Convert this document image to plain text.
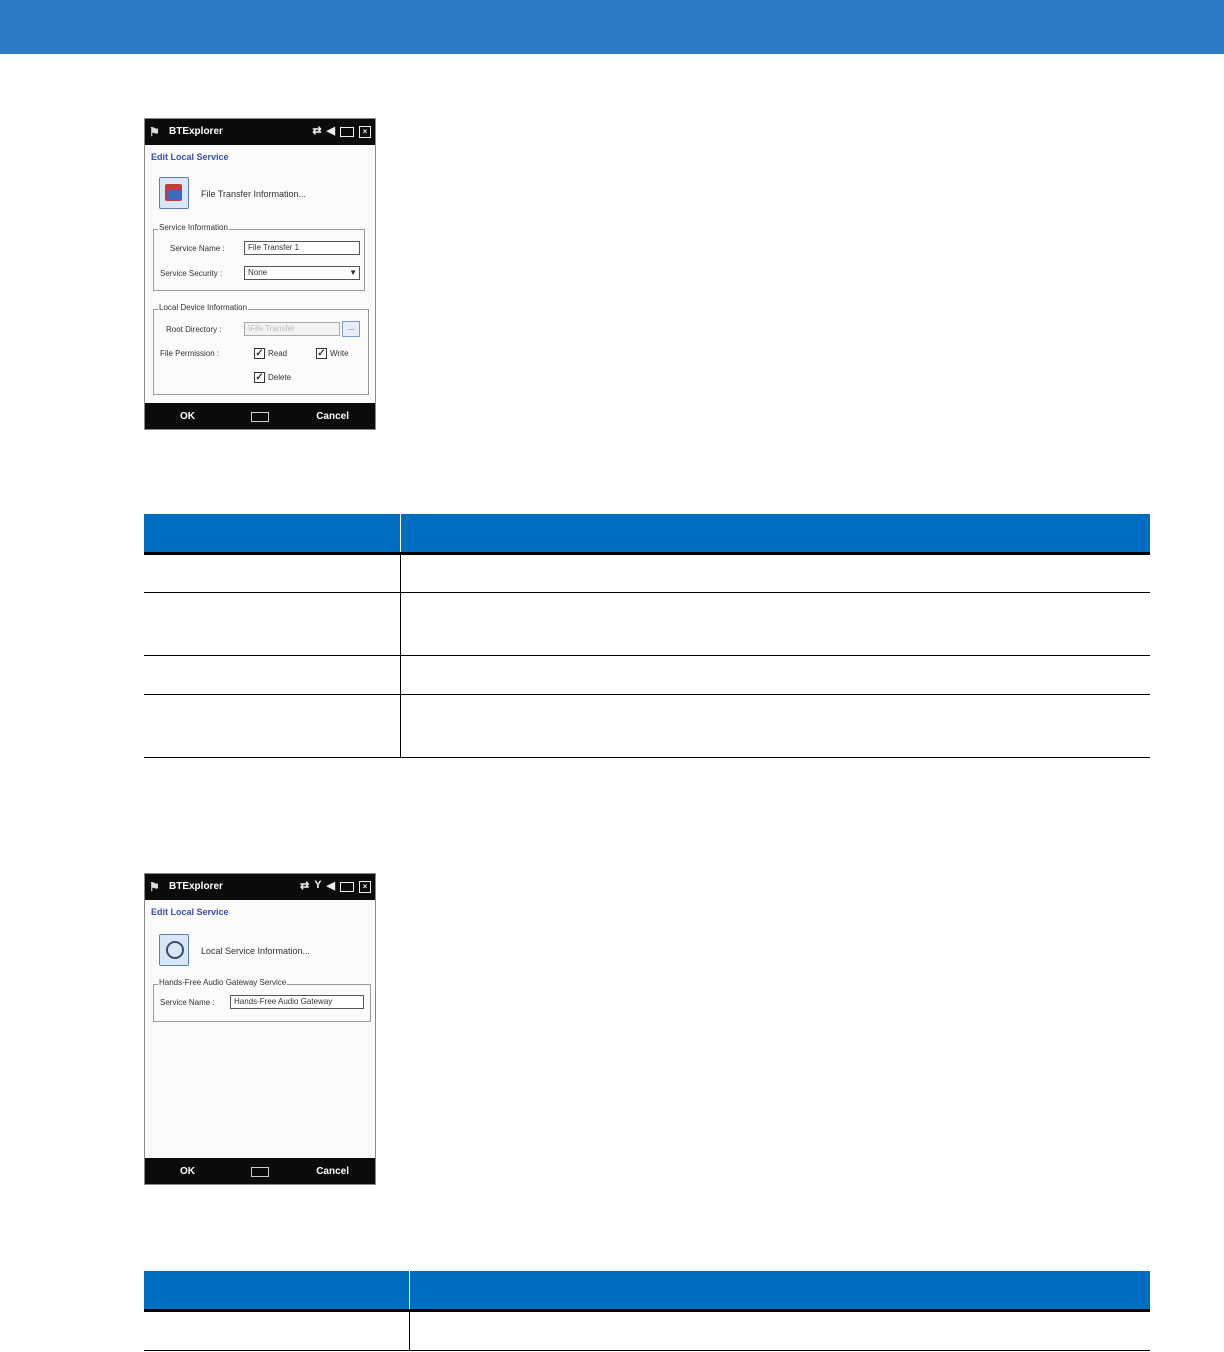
⚑ BTExplorer	⇄ ◀	×
Edit Local Service
File Transfer Information...
Service Information
Service Name :	File Transfer 1
Service Security :	None	▼
Local Device Information
Root Directory :	\File Transfer	...
File Permission :	✓ Read	✓ Write
✓ Delete
OK	Cancel

⚑ BTExplorer	⇄ Y ◀	×
Edit Local Service
Local Service Information...
Hands-Free Audio Gateway Service
Service Name :	Hands-Free Audio Gateway
OK	Cancel
